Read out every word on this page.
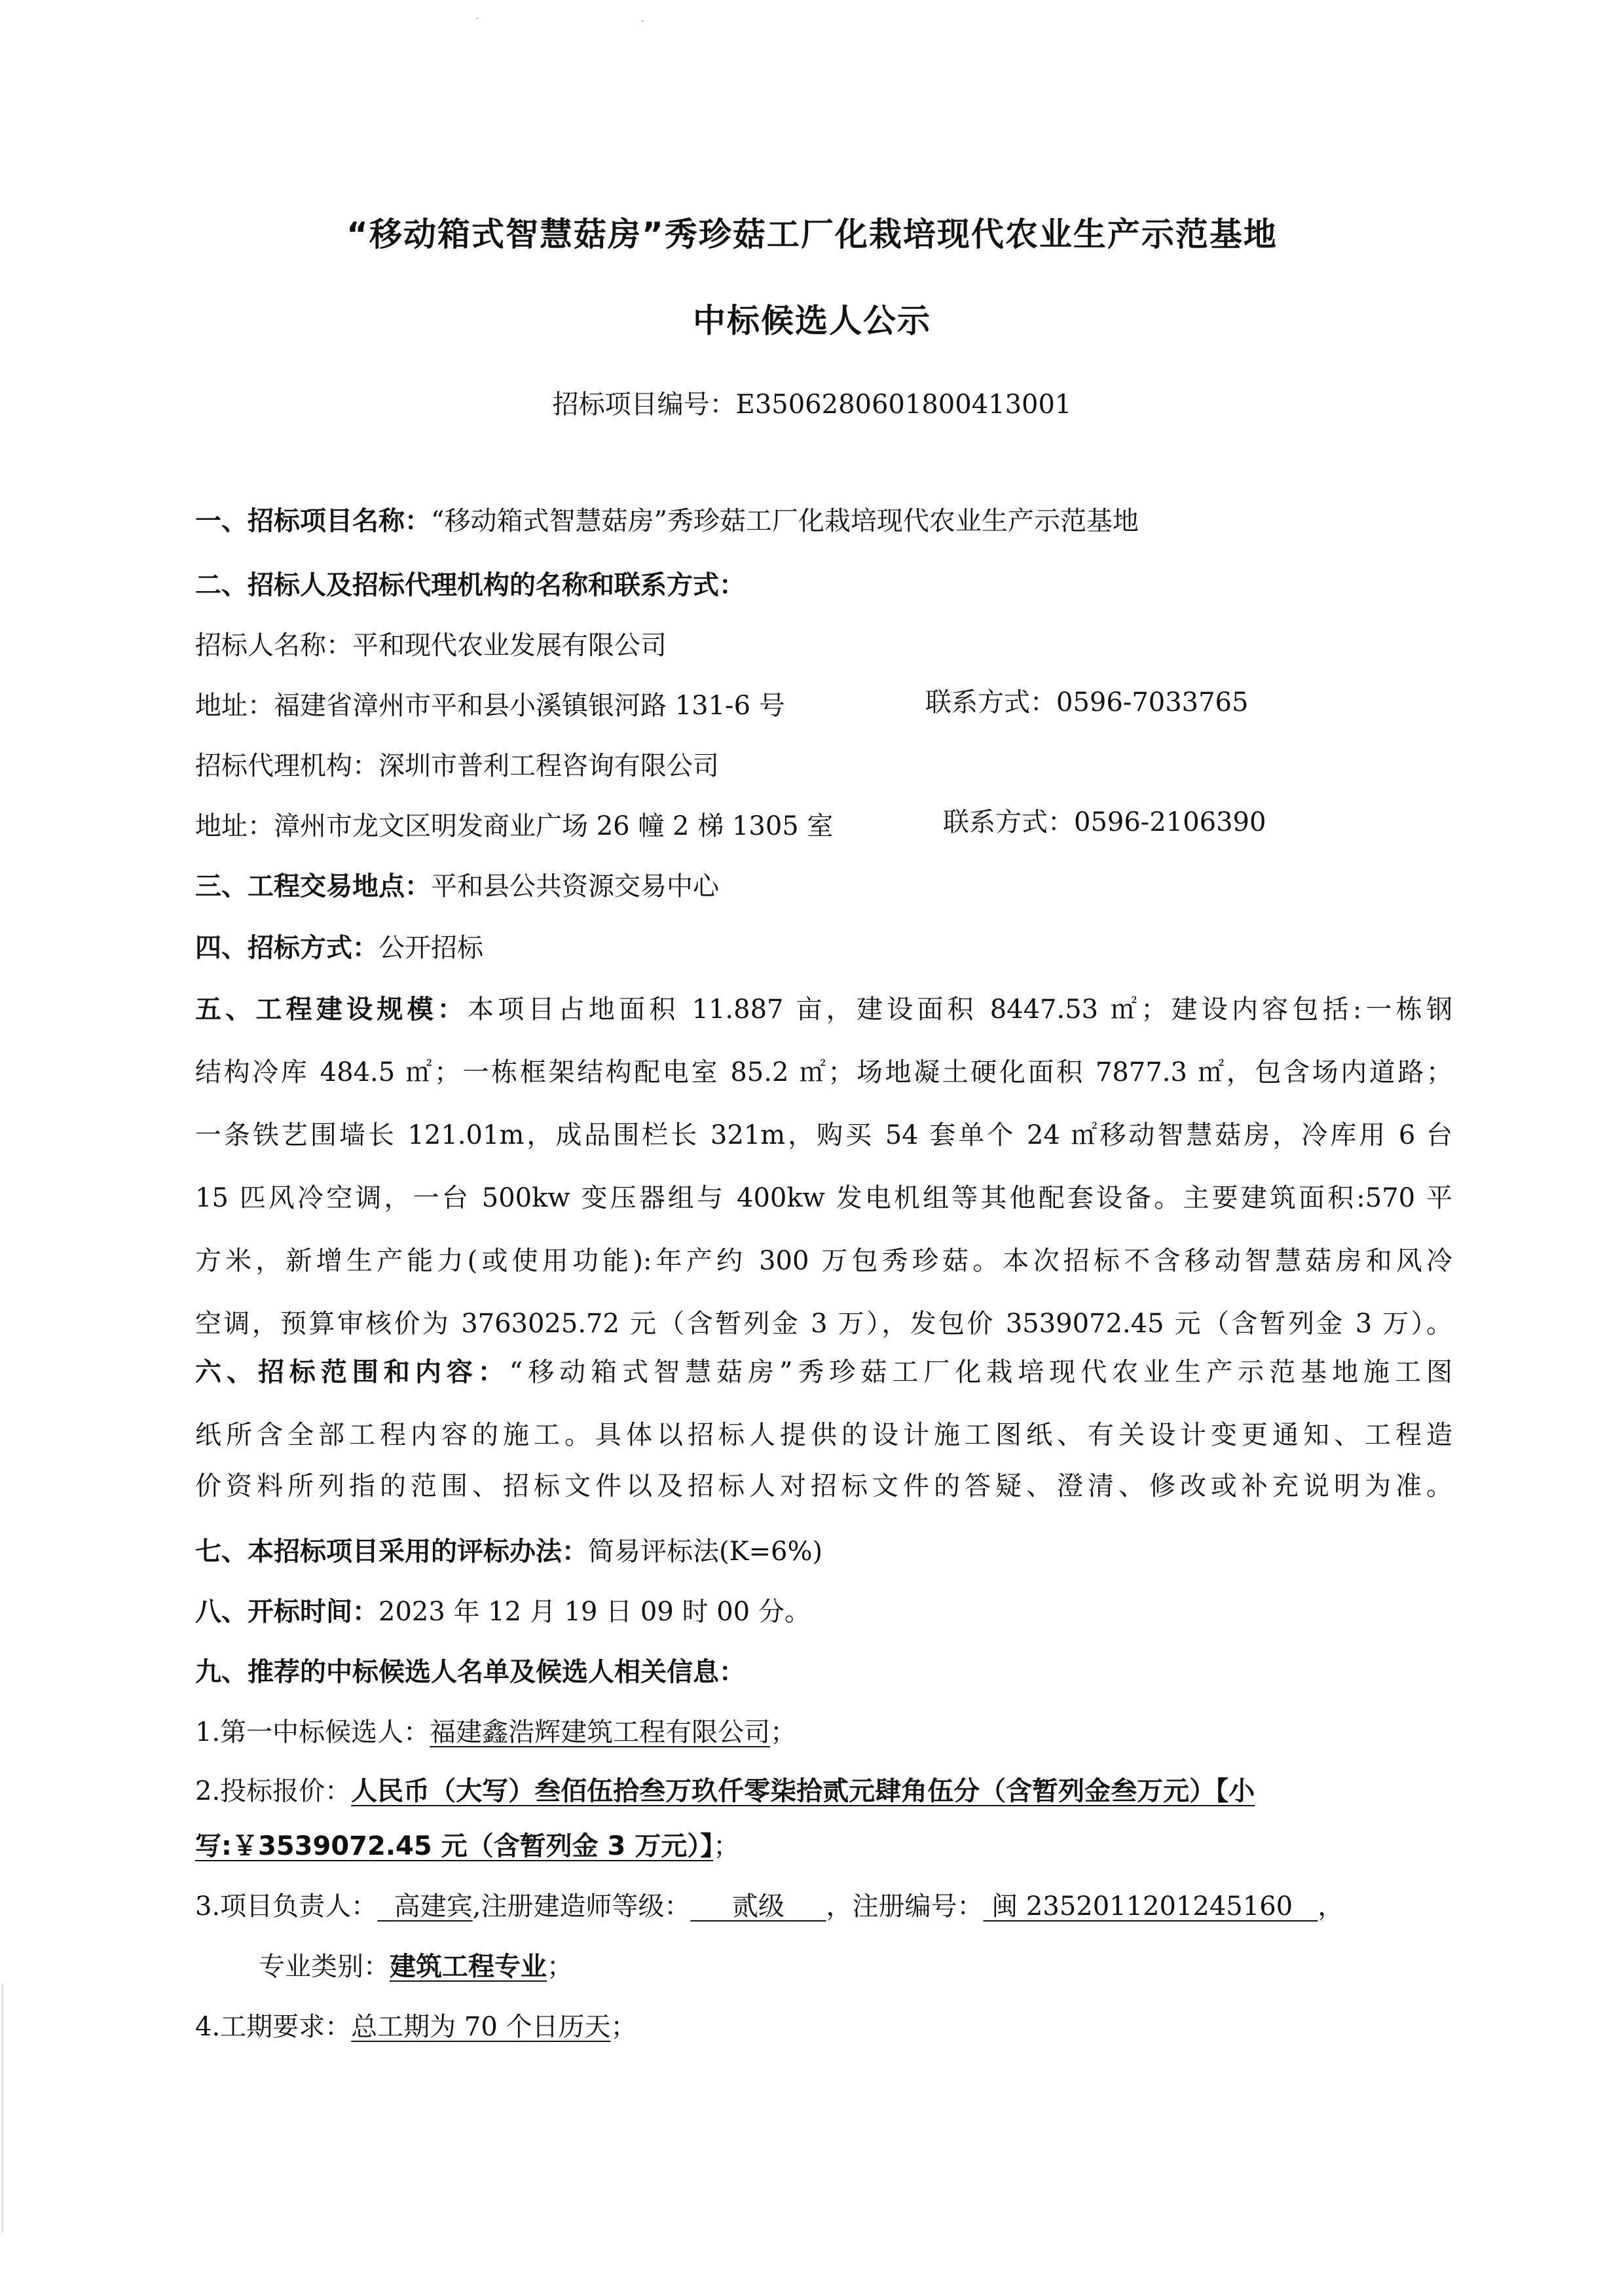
·	·
“移动箱式智慧菇房”秀珍菇工厂化栽培现代农业生产示范基地
中标候选人公示
招标项目编号：E3506280601800413001
一、招标项目名称：“移动箱式智慧菇房”秀珍菇工厂化栽培现代农业生产示范基地
二、招标人及招标代理机构的名称和联系方式：
招标人名称：平和现代农业发展有限公司
地址：福建省漳州市平和县小溪镇银河路 131-6 号	联系方式：0596-7033765
招标代理机构：深圳市普利工程咨询有限公司
地址：漳州市龙文区明发商业广场 26 幢 2 梯 1305 室	联系方式：0596-2106390
三、工程交易地点：平和县公共资源交易中心
四、招标方式：公开招标
五、工程建设规模：本项目占地面积 11.887 亩，建设面积 8447.53 ㎡；建设内容包括:一栋钢
结构冷库 484.5 ㎡；一栋框架结构配电室 85.2 ㎡；场地凝土硬化面积 7877.3 ㎡，包含场内道路；
一条铁艺围墙长 121.01m，成品围栏长 321m，购买 54 套单个 24 ㎡移动智慧菇房，冷库用 6 台
15 匹风冷空调，一台 500kw 变压器组与 400kw 发电机组等其他配套设备。主要建筑面积:570 平
方米，新增生产能力(或使用功能):年产约 300 万包秀珍菇。本次招标不含移动智慧菇房和风冷
空调，预算审核价为 3763025.72 元（含暂列金 3 万），发包价 3539072.45 元（含暂列金 3 万）。
六、招标范围和内容：“移动箱式智慧菇房”秀珍菇工厂化栽培现代农业生产示范基地施工图
纸所含全部工程内容的施工。具体以招标人提供的设计施工图纸、有关设计变更通知、工程造
价资料所列指的范围、招标文件以及招标人对招标文件的答疑、澄清、修改或补充说明为准。
七、本招标项目采用的评标办法：简易评标法(K=6%)
八、开标时间：2023 年 12 月 19 日 09 时 00 分。
九、推荐的中标候选人名单及候选人相关信息：
1.第一中标候选人：福建鑫浩辉建筑工程有限公司；
2.投标报价：人民币（大写）叁佰伍拾叁万玖仟零柒拾贰元肆角伍分（含暂列金叁万元）【小
写:￥3539072.45 元（含暂列金 3 万元）】；
3.项目负责人： 高建宾,注册建造师等级： 贰级 ，注册编号： 闽 2352011201245160 ，
专业类别：建筑工程专业；
4.工期要求：总工期为 70 个日历天；
